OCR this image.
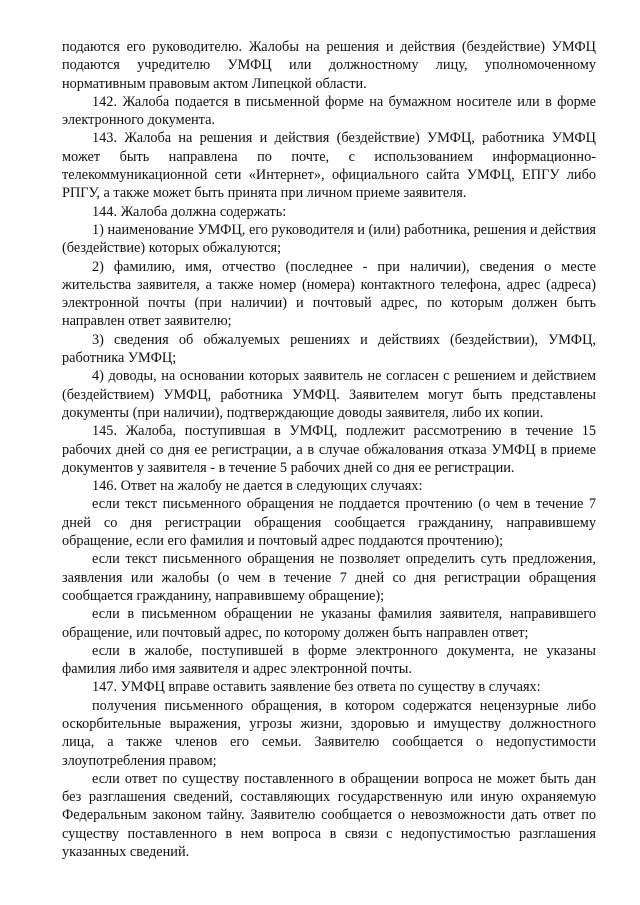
подаются его руководителю. Жалобы на решения и действия (бездействие) УМФЦ подаются учредителю УМФЦ или должностному лицу, уполномоченному нормативным правовым актом Липецкой области.

142. Жалоба подается в письменной форме на бумажном носителе или в форме электронного документа.

143. Жалоба на решения и действия (бездействие) УМФЦ, работника УМФЦ может быть направлена по почте, с использованием информационно-телекоммуникационной сети «Интернет», официального сайта УМФЦ, ЕПГУ либо РПГУ, а также может быть принята при личном приеме заявителя.

144. Жалоба должна содержать:

1) наименование УМФЦ, его руководителя и (или) работника, решения и действия (бездействие) которых обжалуются;

2) фамилию, имя, отчество (последнее - при наличии), сведения о месте жительства заявителя, а также номер (номера) контактного телефона, адрес (адреса) электронной почты (при наличии) и почтовый адрес, по которым должен быть направлен ответ заявителю;

3) сведения об обжалуемых решениях и действиях (бездействии), УМФЦ, работника УМФЦ;

4) доводы, на основании которых заявитель не согласен с решением и действием (бездействием) УМФЦ, работника УМФЦ. Заявителем могут быть представлены документы (при наличии), подтверждающие доводы заявителя, либо их копии.

145. Жалоба, поступившая в УМФЦ, подлежит рассмотрению в течение 15 рабочих дней со дня ее регистрации, а в случае обжалования отказа УМФЦ в приеме документов у заявителя - в течение 5 рабочих дней со дня ее регистрации.

146. Ответ на жалобу не дается в следующих случаях:

если текст письменного обращения не поддается прочтению (о чем в течение 7 дней со дня регистрации обращения сообщается гражданину, направившему обращение, если его фамилия и почтовый адрес поддаются прочтению);

если текст письменного обращения не позволяет определить суть предложения, заявления или жалобы (о чем в течение 7 дней со дня регистрации обращения сообщается гражданину, направившему обращение);

если в письменном обращении не указаны фамилия заявителя, направившего обращение, или почтовый адрес, по которому должен быть направлен ответ;

если в жалобе, поступившей в форме электронного документа, не указаны фамилия либо имя заявителя и адрес электронной почты.

147. УМФЦ вправе оставить заявление без ответа по существу в случаях:

получения письменного обращения, в котором содержатся нецензурные либо оскорбительные выражения, угрозы жизни, здоровью и имуществу должностного лица, а также членов его семьи. Заявителю сообщается о недопустимости злоупотребления правом;

если ответ по существу поставленного в обращении вопроса не может быть дан без разглашения сведений, составляющих государственную или иную охраняемую Федеральным законом тайну. Заявителю сообщается о невозможности дать ответ по существу поставленного в нем вопроса в связи с недопустимостью разглашения указанных сведений.
